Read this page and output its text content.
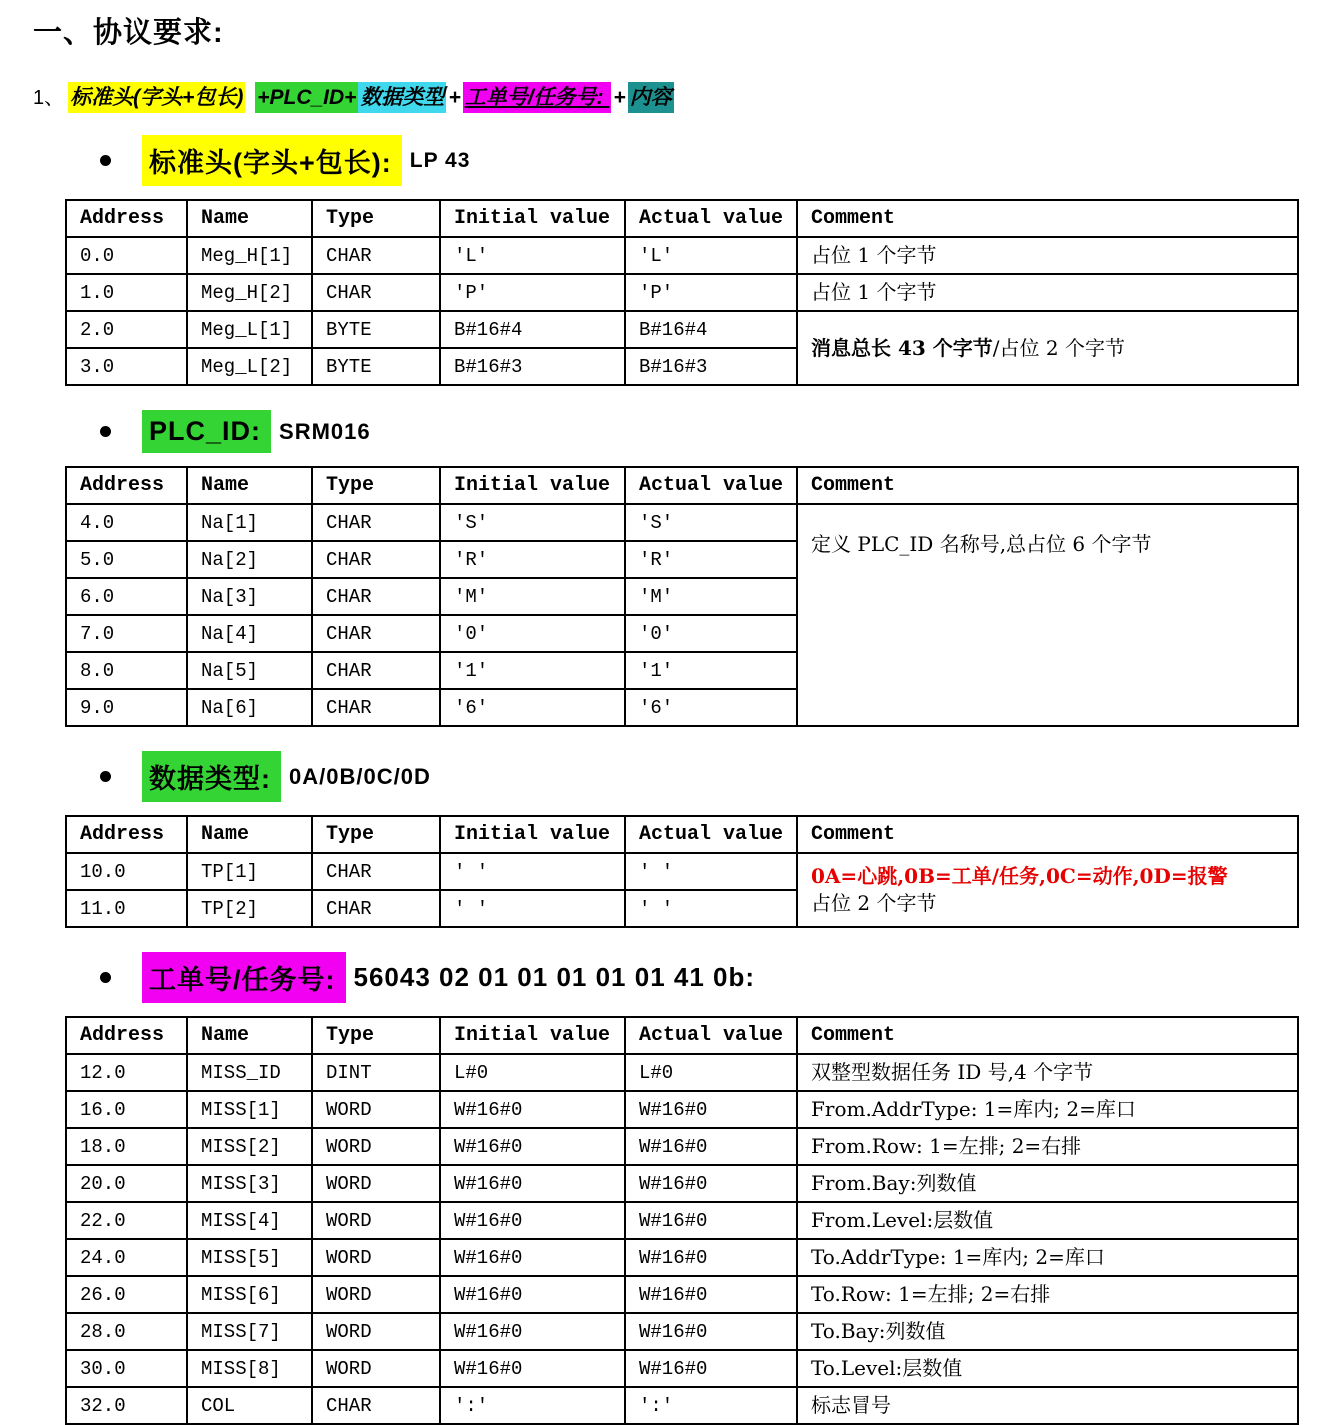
一、协议要求:
1、 标准头(字头+包长) +PLC_ID+ 数据类型 + 工单号/任务号: + 内容
标准头(字头+包长): LP 43
Address	Name	Type	Initial value	Actual value	Comment
0.0	Meg_H[1]	CHAR	'L'	'L'	占位 1 个字节

1.0	Meg_H[2]	CHAR	'P'	'P'	占位 1 个字节

2.0	Meg_L[1]	BYTE	B#16#4	B#16#4	消息总长 43 个字节/占位 2 个字节

3.0	Meg_L[2]	BYTE	B#16#3	B#16#3	
PLC_ID: SRM016
Address	Name	Type	Initial value	Actual value	Comment
4.0	Na[1]	CHAR	'S'	'S'	定义 PLC_ID 名称号,总占位 6 个字节

5.0	Na[2]	CHAR	'R'	'R'	
6.0	Na[3]	CHAR	'M'	'M'	
7.0	Na[4]	CHAR	'0'	'0'	
8.0	Na[5]	CHAR	'1'	'1'	
9.0	Na[6]	CHAR	'6'	'6'	
数据类型: 0A/0B/0C/0D
Address	Name	Type	Initial value	Actual value	Comment
10.0	TP[1]	CHAR	' '	' '	0A=心跳,0B=工单/任务,0C=动作,0D=报警
占位 2 个字节

11.0	TP[2]	CHAR	' '	' '	
工单号/任务号: 56043 02 01 01 01 01 01 41 0b:
Address	Name	Type	Initial value	Actual value	Comment
12.0	MISS_ID	DINT	L#0	L#0	双整型数据任务 ID 号,4 个字节

16.0	MISS[1]	WORD	W#16#0	W#16#0	From.AddrType: 1=库内; 2=库口

18.0	MISS[2]	WORD	W#16#0	W#16#0	From.Row: 1=左排; 2=右排

20.0	MISS[3]	WORD	W#16#0	W#16#0	From.Bay:列数值

22.0	MISS[4]	WORD	W#16#0	W#16#0	From.Level:层数值

24.0	MISS[5]	WORD	W#16#0	W#16#0	To.AddrType: 1=库内; 2=库口

26.0	MISS[6]	WORD	W#16#0	W#16#0	To.Row: 1=左排; 2=右排

28.0	MISS[7]	WORD	W#16#0	W#16#0	To.Bay:列数值

30.0	MISS[8]	WORD	W#16#0	W#16#0	To.Level:层数值

32.0	COL	CHAR	':'	':'	标志冒号
